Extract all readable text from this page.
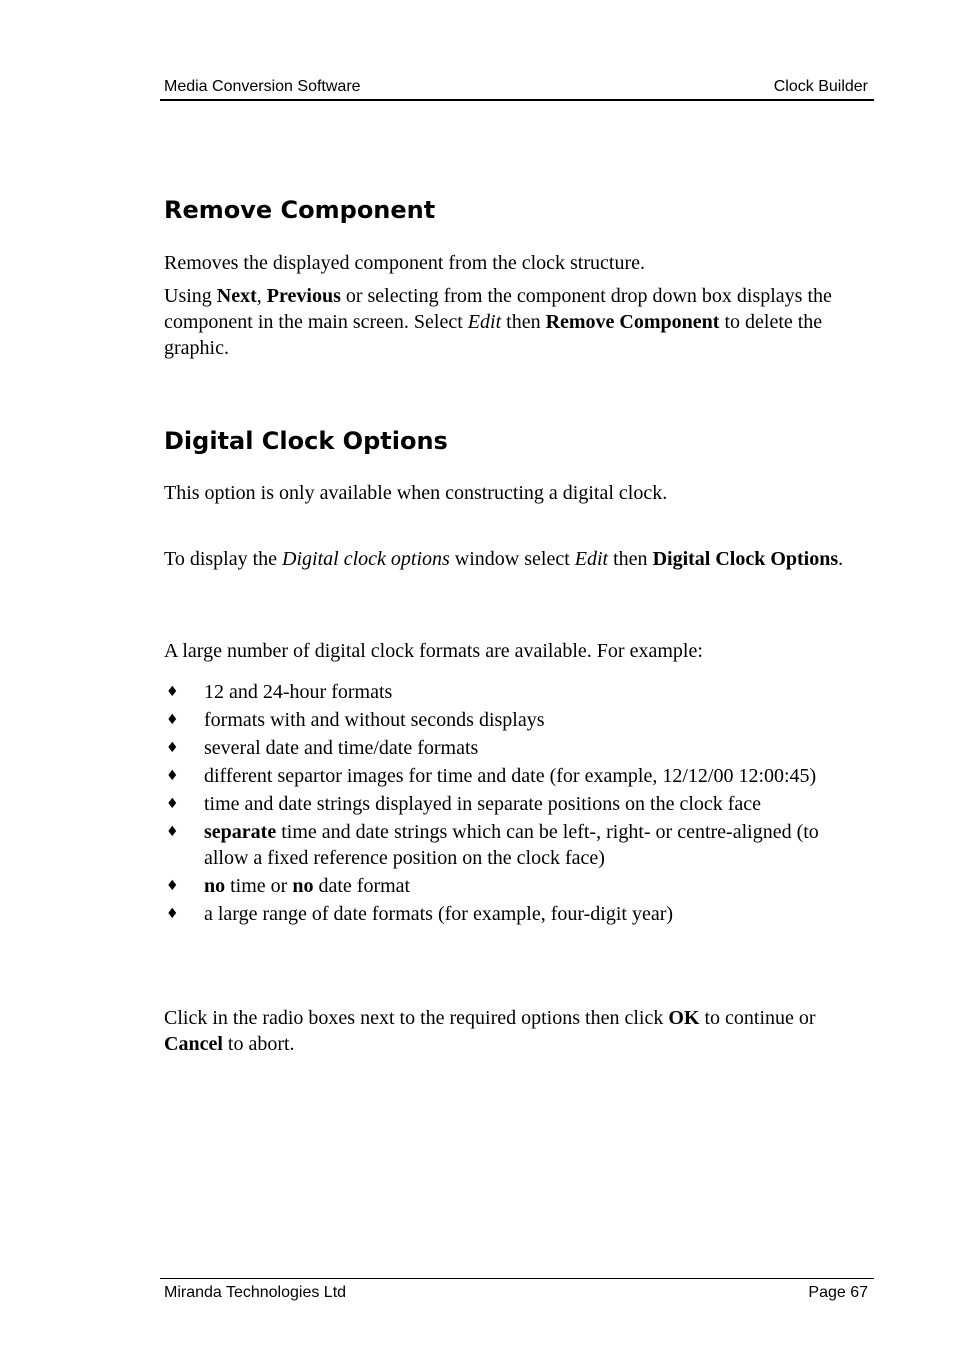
Media Conversion Software	Clock Builder
Remove Component

Removes the displayed component from the clock structure.

Using Next, Previous or selecting from the component drop down box displays the component in the main screen. Select Edit then Remove Component to delete the graphic.

Digital Clock Options

This option is only available when constructing a digital clock.

To display the Digital clock options window select Edit then Digital Clock Options.

A large number of digital clock formats are available. For example:

♦ 12 and 24-hour formats
♦ formats with and without seconds displays
♦ several date and time/date formats
♦ different separtor images for time and date (for example, 12/12/00 12:00:45)
♦ time and date strings displayed in separate positions on the clock face
♦ separate time and date strings which can be left-, right- or centre-aligned (to allow a fixed reference position on the clock face)
♦ no time or no date format
♦ a large range of date formats (for example, four-digit year)

Click in the radio boxes next to the required options then click OK to continue or Cancel to abort.

Miranda Technologies Ltd	Page 67
